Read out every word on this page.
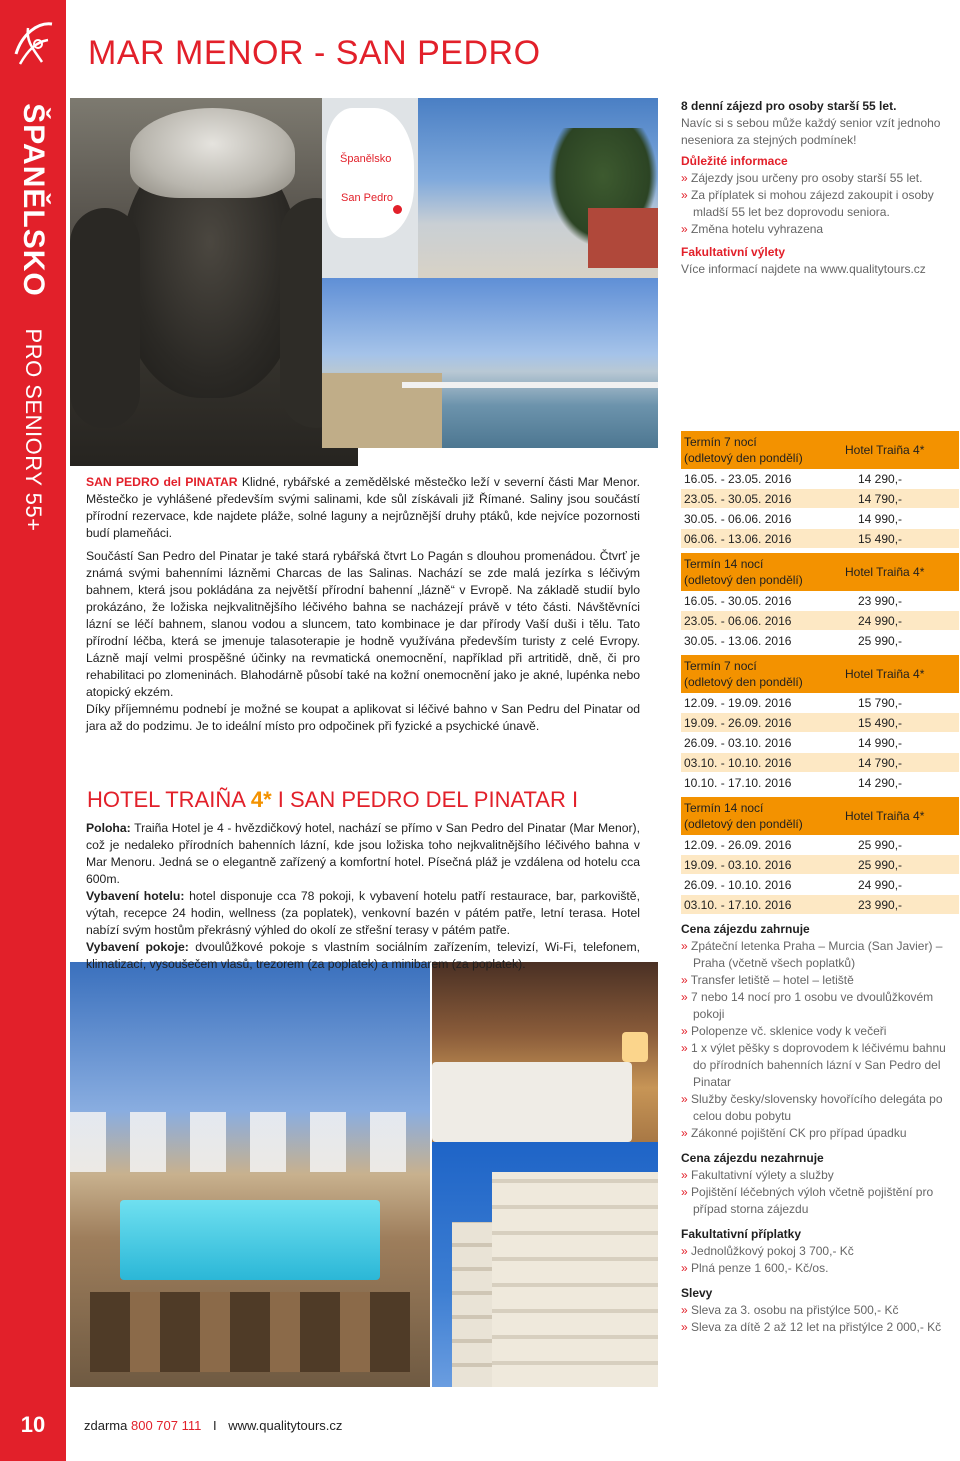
ŠPANĚLSKO
PRO SENIORY 55+
10	zdarma 800 707 111 I www.qualitytours.cz
MAR MENOR - SAN PEDRO
Španělsko
San Pedro

SAN PEDRO del PINATAR Klidné, rybářské a zemědělské městečko leží v severní části Mar Menor. Městečko je vyhlášené především svými salinami, kde sůl získávali již Římané. Saliny jsou součástí přírodní rezervace, kde najdete pláže, solné laguny a nejrůznější druhy ptáků, kde nejvíce pozornosti budí plameňáci.

Součástí San Pedro del Pinatar je také stará rybářská čtvrt Lo Pagán s dlouhou promenádou. Čtvrť je známá svými bahenními lázněmi Charcas de las Salinas. Nachází se zde malá jezírka s léčivým bahnem, která jsou pokládána za největší přírodní bahenní „lázně“ v Evropě. Na základě studií bylo prokázáno, že ložiska nejkvalitnějšího léčivého bahna se nacházejí právě v této části. Návštěvníci lázní se léčí bahnem, slanou vodou a sluncem, tato kombinace je dar přírody Vaší duši i tělu. Tato přírodní léčba, která se jmenuje talasoterapie je hodně využívána především turisty z celé Evropy. Lázně mají velmi prospěšné účinky na revmatická onemocnění, například při artritidě, dně, či pro rehabilitaci po zlomeninách. Blahodárně působí také na kožní onemocnění jako je akné, lupénka nebo atopický ekzém.

Díky příjemnému podnebí je možné se koupat a aplikovat si léčivé bahno v San Pedru del Pinatar od jara až do podzimu. Je to ideální místo pro odpočinek při fyzické a psychické únavě.

HOTEL TRAIÑA 4* I SAN PEDRO DEL PINATAR I

Poloha: Traiña Hotel je 4 - hvězdičkový hotel, nachází se přímo v San Pedro del Pinatar (Mar Menor), což je nedaleko přírodních bahenních lázní, kde jsou ložiska toho nejkvalitnějšího léčivého bahna v Mar Menoru. Jedná se o elegantně zařízený a komfortní hotel. Písečná pláž je vzdálena od hotelu cca 600m.

Vybavení hotelu: hotel disponuje cca 78 pokoji, k vybavení hotelu patří restaurace, bar, parkoviště, výtah, recepce 24 hodin, wellness (za poplatek), venkovní bazén v pátém patře, letní terasa. Hotel nabízí svým hostům překrásný výhled do okolí ze střešní terasy v pátém patře.

Vybavení pokoje: dvoulůžkové pokoje s vlastním sociálním zařízením, televizí, Wi-Fi, telefonem, klimatizací, vysoušečem vlasů, trezorem (za poplatek) a minibarem (za poplatek).

8 denní zájezd pro osoby starší 55 let.
Navíc si s sebou může každý senior vzít jednoho neseniora za stejných podmínek!
Důležité informace
» Zájezdy jsou určeny pro osoby starší 55 let.
» Za příplatek si mohou zájezd zakoupit i osoby mladší 55 let bez doprovodu seniora.
» Změna hotelu vyhrazena
Fakultativní výlety
Více informací najdete na www.qualitytours.cz
Termín 7 nocí
(odletový den pondělí)
Hotel Traiña 4*
16.05. - 23.05. 2016	14 290,-
23.05. - 30.05. 2016	14 790,-
30.05. - 06.06. 2016	14 990,-
06.06. - 13.06. 2016	15 490,-
Termín 14 nocí
(odletový den pondělí)
Hotel Traiña 4*
16.05. - 30.05. 2016	23 990,-
23.05. - 06.06. 2016	24 990,-
30.05. - 13.06. 2016	25 990,-
Termín 7 nocí
(odletový den pondělí)
Hotel Traiña 4*
12.09. - 19.09. 2016	15 790,-
19.09. - 26.09. 2016	15 490,-
26.09. - 03.10. 2016	14 990,-
03.10. - 10.10. 2016	14 790,-
10.10. - 17.10. 2016	14 290,-
Termín 14 nocí
(odletový den pondělí)
Hotel Traiña 4*
12.09. - 26.09. 2016	25 990,-
19.09. - 03.10. 2016	25 990,-
26.09. - 10.10. 2016	24 990,-
03.10. - 17.10. 2016	23 990,-
Cena zájezdu zahrnuje
» Zpáteční letenka Praha – Murcia (San Javier) – Praha (včetně všech poplatků)
» Transfer letiště – hotel – letiště
» 7 nebo 14 nocí pro 1 osobu ve dvoulůžkovém pokoji
» Polopenze vč. sklenice vody k večeři
» 1 x výlet pěšky s doprovodem k léčivému bahnu do přírodních bahenních lázní v San Pedro del Pinatar
» Služby česky/slovensky hovořícího delegáta po celou dobu pobytu
» Zákonné pojištění CK pro případ úpadku
Cena zájezdu nezahrnuje
» Fakultativní výlety a služby
» Pojištění léčebných výloh včetně pojištění pro případ storna zájezdu
Fakultativní příplatky
» Jednolůžkový pokoj 3 700,- Kč
» Plná penze 1 600,- Kč/os.
Slevy
» Sleva za 3. osobu na přistýlce 500,- Kč
» Sleva za dítě 2 až 12 let na přistýlce 2 000,- Kč
